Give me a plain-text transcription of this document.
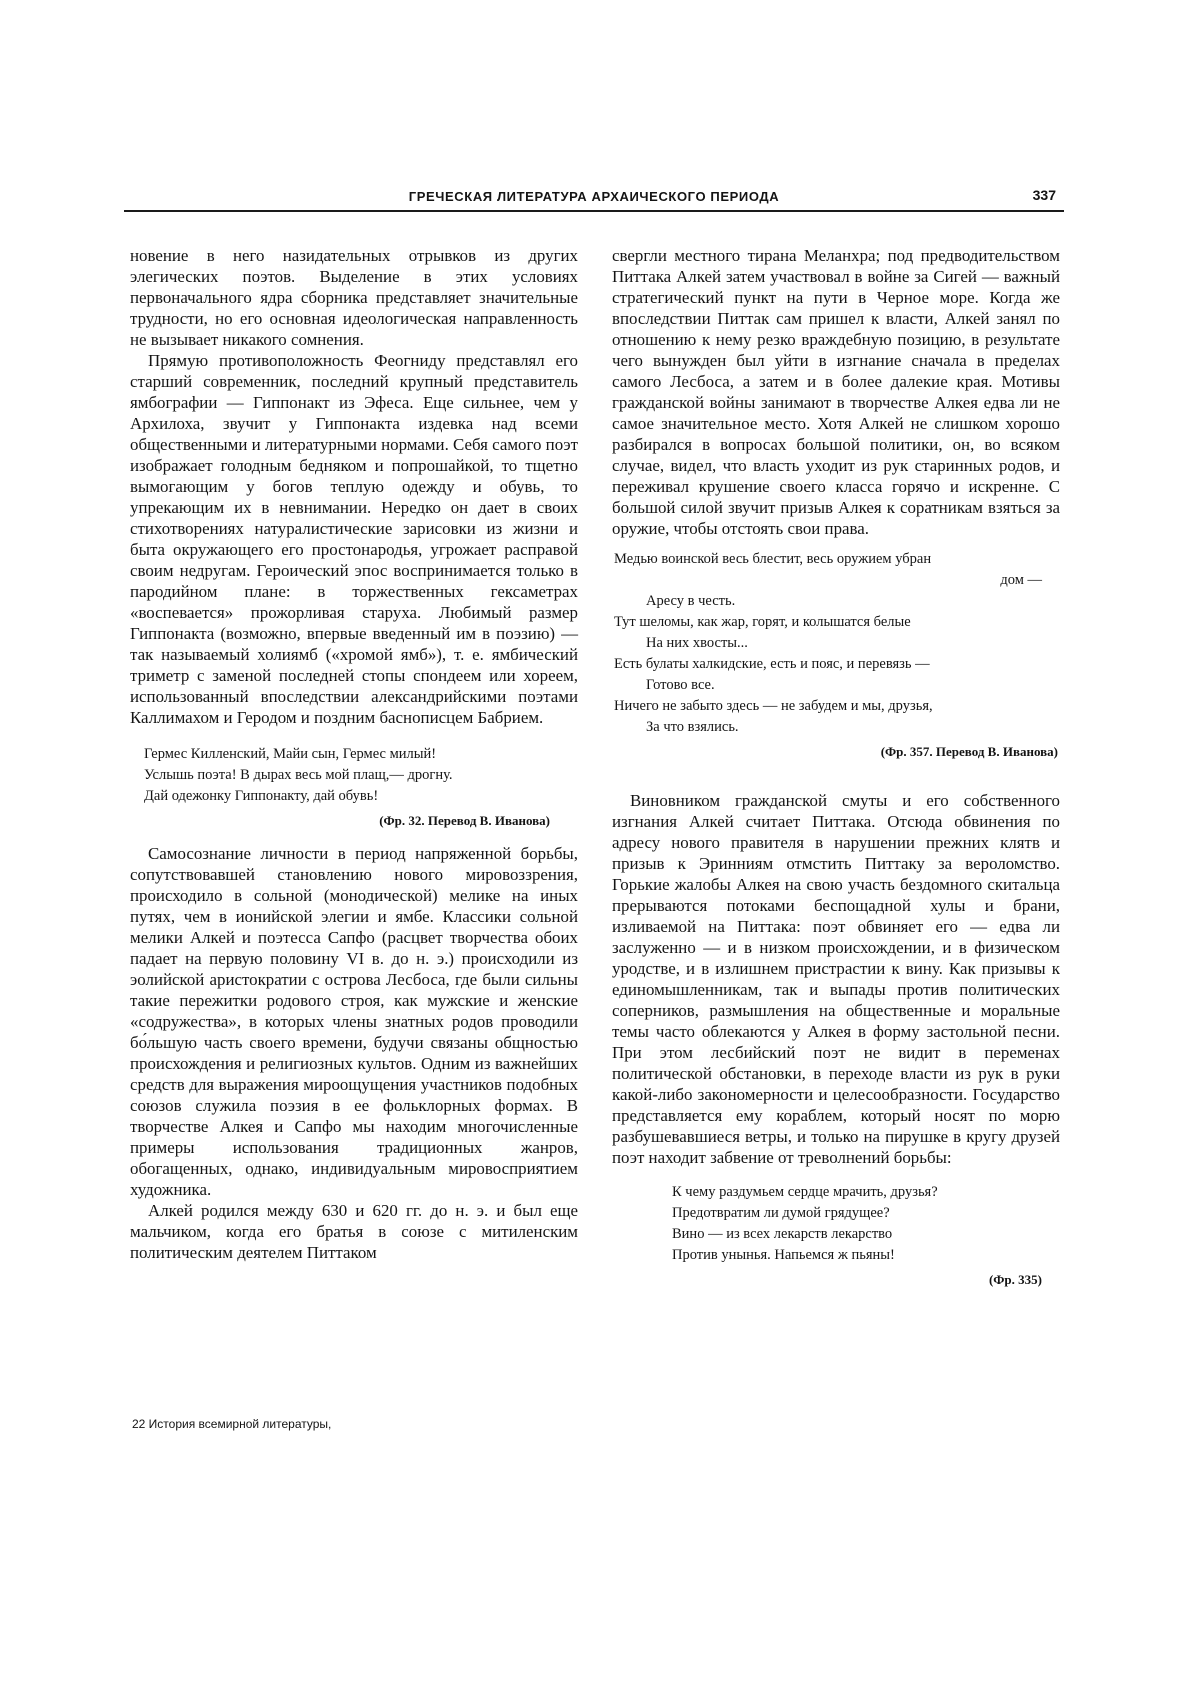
ГРЕЧЕСКАЯ ЛИТЕРАТУРА АРХАИЧЕСКОГО ПЕРИОДА	337

новение в него назидательных отрывков из других элегических поэтов. Выделение в этих условиях первоначального ядра сборника представляет значительные трудности, но его основная идеологическая направленность не вызывает никакого сомнения.

Прямую противоположность Феогниду представлял его старший современник, последний крупный представитель ямбографии — Гиппонакт из Эфеса. Еще сильнее, чем у Архилоха, звучит у Гиппонакта издевка над всеми общественными и литературными нормами. Себя самого поэт изображает голодным бедняком и попрошайкой, то тщетно вымогающим у богов теплую одежду и обувь, то упрекающим их в невнимании. Нередко он дает в своих стихотворениях натуралистические зарисовки из жизни и быта окружающего его простонародья, угрожает расправой своим недругам. Героический эпос воспринимается только в пародийном плане: в торжественных гексаметрах «воспевается» прожорливая старуха. Любимый размер Гиппонакта (возможно, впервые введенный им в поэзию) — так называемый холиямб («хромой ямб»), т. е. ямбический триметр с заменой последней стопы спондеем или хореем, использованный впоследствии александрийскими поэтами Каллимахом и Геродом и поздним баснописцем Бабрием.

Гермес Килленский, Майи сын, Гермес милый!
Услышь поэта! В дырах весь мой плащ,— дрогну.
Дай одежонку Гиппонакту, дай обувь!
(Фр. 32. Перевод В. Иванова)

Самосознание личности в период напряженной борьбы, сопутствовавшей становлению нового мировоззрения, происходило в сольной (монодической) мелике на иных путях, чем в ионийской элегии и ямбе. Классики сольной мелики Алкей и поэтесса Сапфо (расцвет творчества обоих падает на первую половину VI в. до н. э.) происходили из эолийской аристократии с острова Лесбоса, где были сильны такие пережитки родового строя, как мужские и женские «содружества», в которых члены знатных родов проводили бо́льшую часть своего времени, будучи связаны общностью происхождения и религиозных культов. Одним из важнейших средств для выражения мироощущения участников подобных союзов служила поэзия в ее фольклорных формах. В творчестве Алкея и Сапфо мы находим многочисленные примеры использования традиционных жанров, обогащенных, однако, индивидуальным мировосприятием художника.

Алкей родился между 630 и 620 гг. до н. э. и был еще мальчиком, когда его братья в союзе с митиленским политическим деятелем Питтаком

свергли местного тирана Меланхра; под предводительством Питтака Алкей затем участвовал в войне за Сигей — важный стратегический пункт на пути в Черное море. Когда же впоследствии Питтак сам пришел к власти, Алкей занял по отношению к нему резко враждебную позицию, в результате чего вынужден был уйти в изгнание сначала в пределах самого Лесбоса, а затем и в более далекие края. Мотивы гражданской войны занимают в творчестве Алкея едва ли не самое значительное место. Хотя Алкей не слишком хорошо разбирался в вопросах большой политики, он, во всяком случае, видел, что власть уходит из рук старинных родов, и переживал крушение своего класса горячо и искренне. С большой силой звучит призыв Алкея к соратникам взяться за оружие, чтобы отстоять свои права.

Медью воинской весь блестит, весь оружием убран
дом —
Аресу в честь.
Тут шеломы, как жар, горят, и колышатся белые
На них хвосты...
Есть булаты халкидские, есть и пояс, и перевязь —
Готово все.
Ничего не забыто здесь — не забудем и мы, друзья,
За что взялись.
(Фр. 357. Перевод В. Иванова)

Виновником гражданской смуты и его собственного изгнания Алкей считает Питтака. Отсюда обвинения по адресу нового правителя в нарушении прежних клятв и призыв к Эринниям отмстить Питтаку за вероломство. Горькие жалобы Алкея на свою участь бездомного скитальца прерываются потоками беспощадной хулы и брани, изливаемой на Питтака: поэт обвиняет его — едва ли заслуженно — и в низком происхождении, и в физическом уродстве, и в излишнем пристрастии к вину. Как призывы к единомышленникам, так и выпады против политических соперников, размышления на общественные и моральные темы часто облекаются у Алкея в форму застольной песни. При этом лесбийский поэт не видит в переменах политической обстановки, в переходе власти из рук в руки какой-либо закономерности и целесообразности. Государство представляется ему кораблем, который носят по морю разбушевавшиеся ветры, и только на пирушке в кругу друзей поэт находит забвение от треволнений борьбы:

К чему раздумьем сердце мрачить, друзья?
Предотвратим ли думой грядущее?
Вино — из всех лекарств лекарство
Против унынья. Напьемся ж пьяны!
(Фр. 335)
22 История всемирной литературы,
